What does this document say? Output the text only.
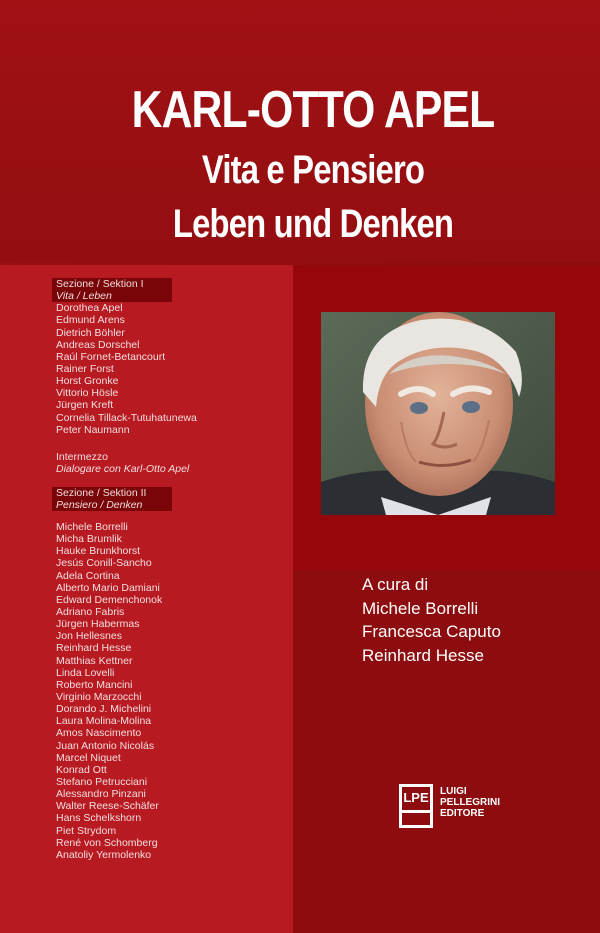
KARL-OTTO APEL
Vita e Pensiero
Leben und Denken
Sezione / Sektion I
Vita / Leben
Dorothea Apel
Edmund Arens
Dietrich Böhler
Andreas Dorschel
Raúl Fornet-Betancourt
Rainer Forst
Horst Gronke
Vittorio Hösle
Jürgen Kreft
Cornelia Tillack-Tutuhatunewa
Peter Naumann
Intermezzo
Dialogare con Karl-Otto Apel
Sezione / Sektion II
Pensiero / Denken
Michele Borrelli
Micha Brumlik
Hauke Brunkhorst
Jesús Conill-Sancho
Adela Cortina
Alberto Mario Damiani
Edward Demenchonok
Adriano Fabris
Jürgen Habermas
Jon Hellesnes
Reinhard Hesse
Matthias Kettner
Linda Lovelli
Roberto Mancini
Virginio Marzocchi
Dorando J. Michelini
Laura Molina-Molina
Amos Nascimento
Juan Antonio Nicolás
Marcel Niquet
Konrad Ott
Stefano Petrucciani
Alessandro Pinzani
Walter Reese-Schäfer
Hans Schelkshorn
Piet Strydom
René von Schomberg
Anatoliy Yermolenko
A cura di
Michele Borrelli
Francesca Caputo
Reinhard Hesse
LPE LUIGI
PELLEGRINI
EDITORE
